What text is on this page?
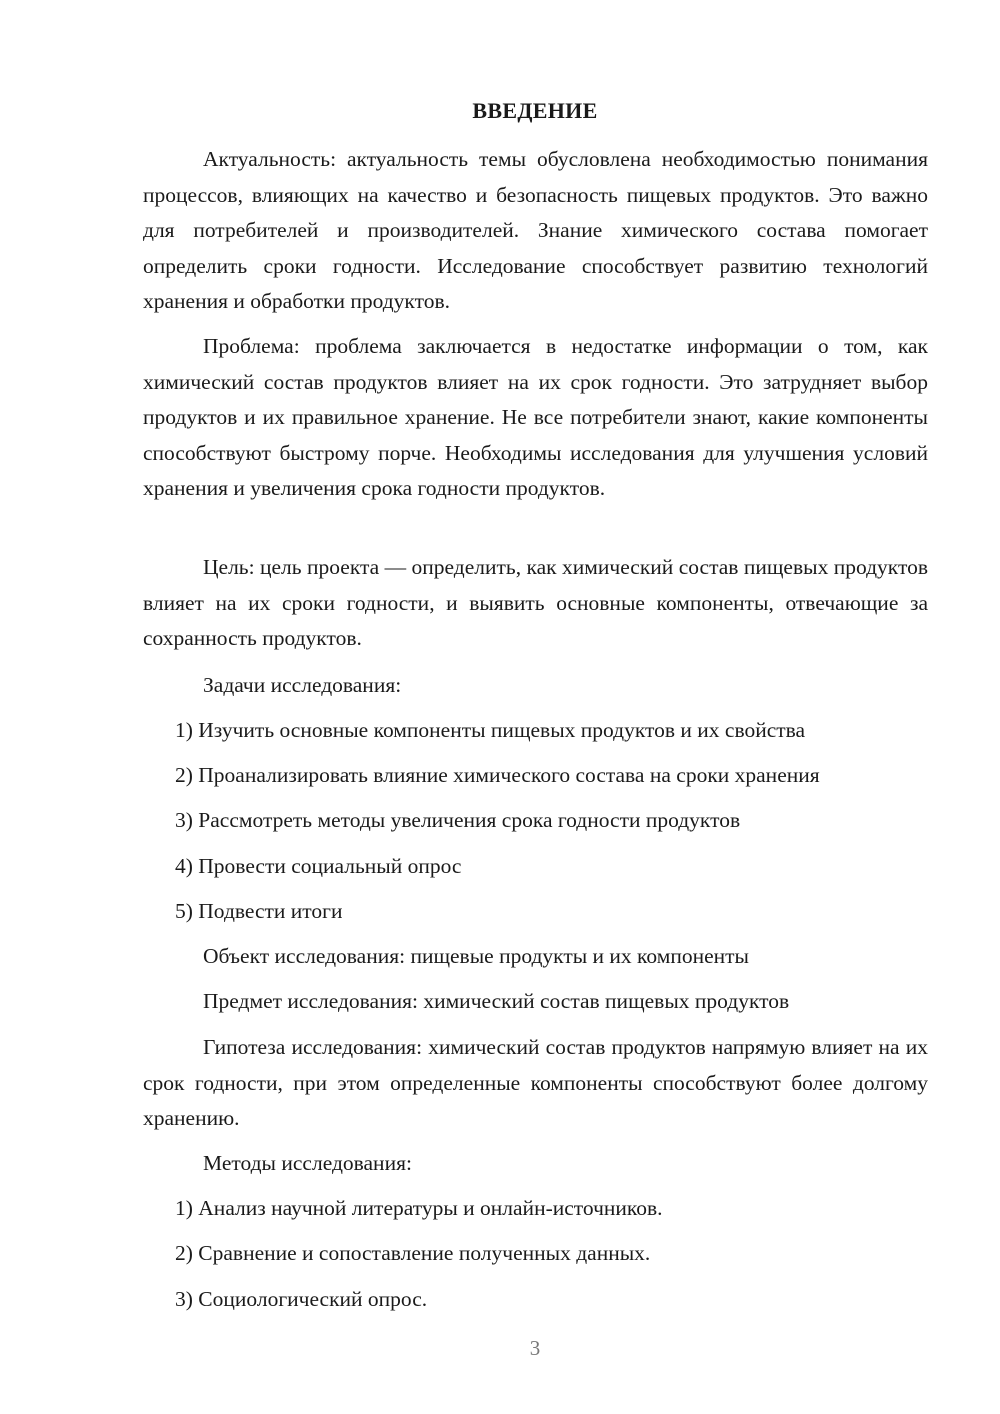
ВВЕДЕНИЕ

Актуальность: актуальность темы обусловлена необходимостью понимания процессов, влияющих на качество и безопасность пищевых продуктов. Это важно для потребителей и производителей. Знание химического состава помогает определить сроки годности. Исследование способствует развитию технологий хранения и обработки продуктов.

Проблема: проблема заключается в недостатке информации о том, как химический состав продуктов влияет на их срок годности. Это затрудняет выбор продуктов и их правильное хранение. Не все потребители знают, какие компоненты способствуют быстрому порче. Необходимы исследования для улучшения условий хранения и увеличения срока годности продуктов.

Цель: цель проекта — определить, как химический состав пищевых продуктов влияет на их сроки годности, и выявить основные компоненты, отвечающие за сохранность продуктов.

Задачи исследования:

1) Изучить основные компоненты пищевых продуктов и их свойства

2) Проанализировать влияние химического состава на сроки хранения

3) Рассмотреть методы увеличения срока годности продуктов

4) Провести социальный опрос

5) Подвести итоги

Объект исследования: пищевые продукты и их компоненты

Предмет исследования: химический состав пищевых продуктов

Гипотеза исследования: химический состав продуктов напрямую влияет на их срок годности, при этом определенные компоненты способствуют более долгому хранению.

Методы исследования:

1) Анализ научной литературы и онлайн-источников.

2) Сравнение и сопоставление полученных данных.

3) Социологический опрос.

3
